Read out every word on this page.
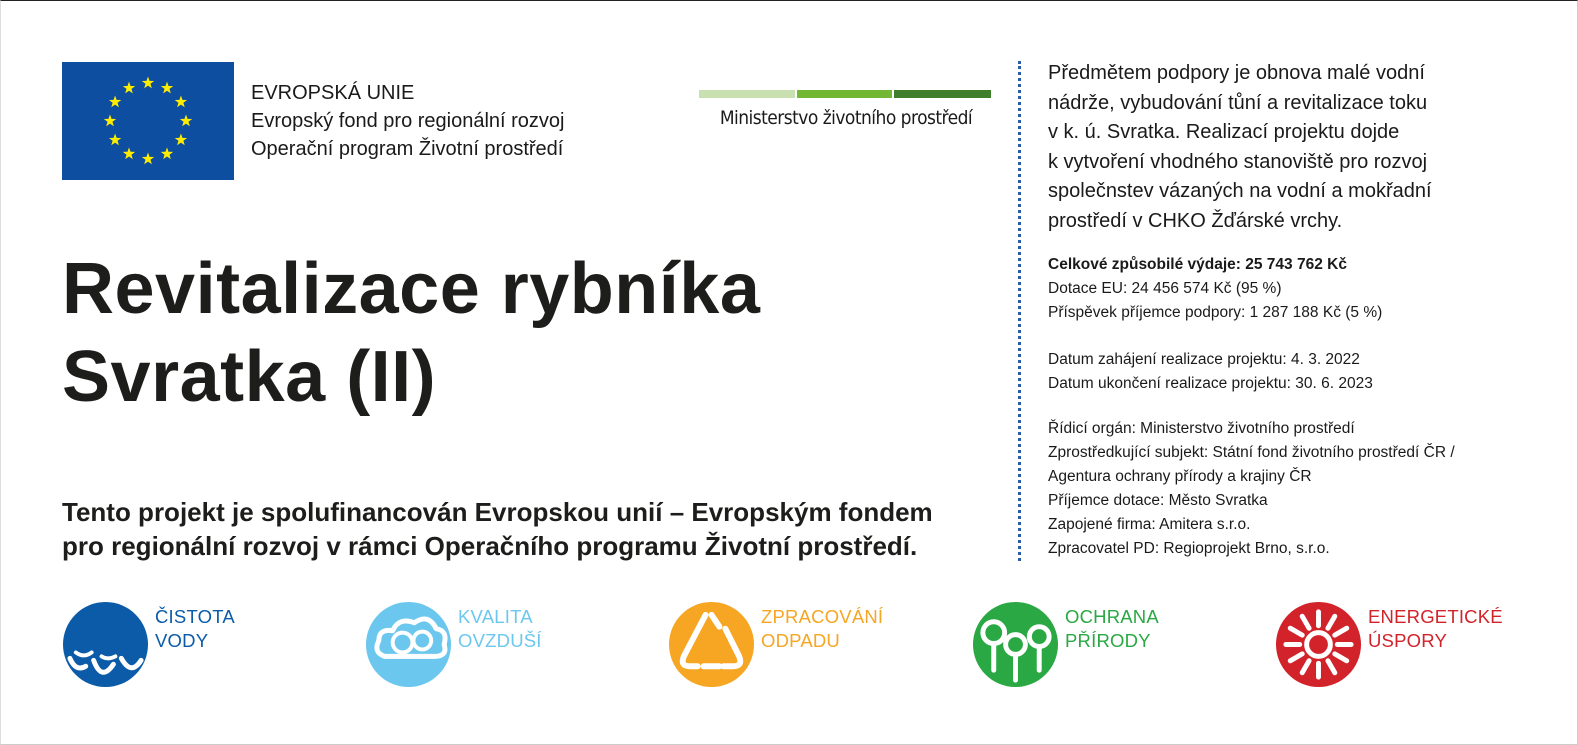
EVROPSKÁ UNIE
Evropský fond pro regionální rozvoj
Operační program Životní prostředí
Ministerstvo životního prostředí
Revitalizace rybníka
Svratka (II)
Tento projekt je spolufinancován Evropskou unií – Evropským fondem
pro regionální rozvoj v rámci Operačního programu Životní prostředí.
Předmětem podpory je obnova malé vodní
nádrže, vybudování tůní a revitalizace toku
v k. ú. Svratka. Realizací projektu dojde
k vytvoření vhodného stanoviště pro rozvoj
společnstev vázaných na vodní a mokřadní
prostředí v CHKO Žďárské vrchy.
Celkové způsobilé výdaje: 25 743 762 Kč
Dotace EU: 24 456 574 Kč (95 %)
Příspěvek příjemce podpory: 1 287 188 Kč (5 %)
Datum zahájení realizace projektu: 4. 3. 2022
Datum ukončení realizace projektu: 30. 6. 2023
Řídicí orgán: Ministerstvo životního prostředí
Zprostředkující subjekt: Státní fond životního prostředí ČR /
Agentura ochrany přírody a krajiny ČR
Příjemce dotace: Město Svratka
Zapojené firma: Amitera s.r.o.
Zpracovatel PD: Regioprojekt Brno, s.r.o.
ČISTOTA
VODY
KVALITA
OVZDUŠÍ
ZPRACOVÁNÍ
ODPADU
OCHRANA
PŘÍRODY
ENERGETICKÉ
ÚSPORY
